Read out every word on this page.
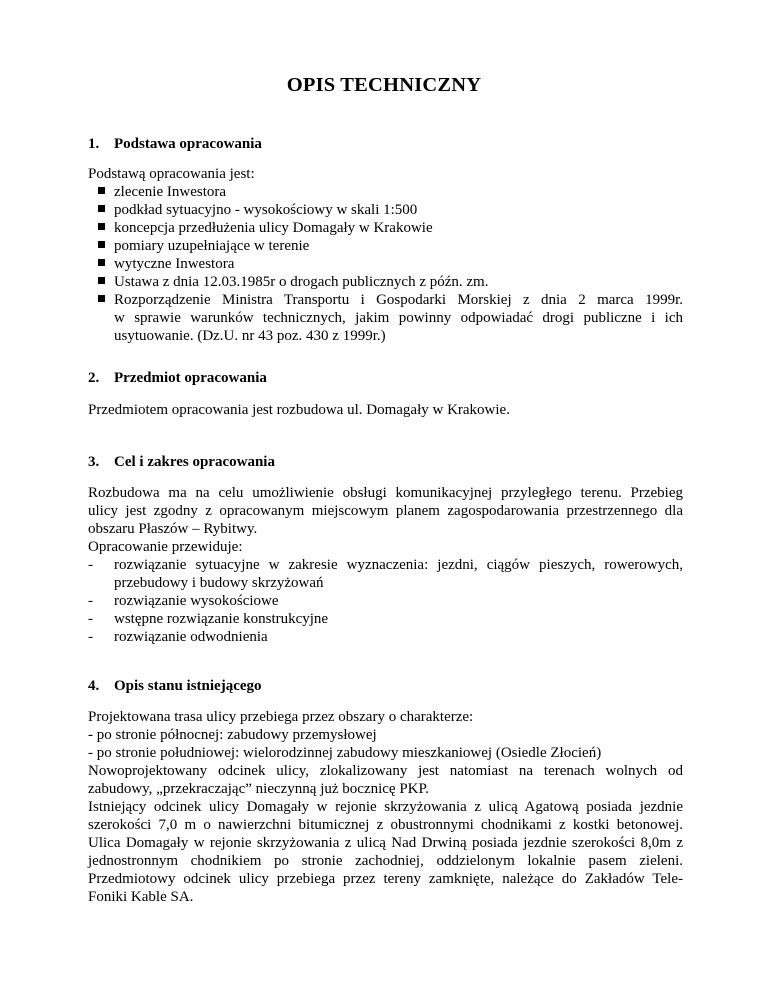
OPIS TECHNICZNY
1. Podstawa opracowania
Podstawą opracowania jest:
zlecenie Inwestora
podkład sytuacyjno - wysokościowy w skali 1:500
koncepcja przedłużenia ulicy Domagały w Krakowie
pomiary uzupełniające w terenie
wytyczne Inwestora
Ustawa z dnia 12.03.1985r o drogach publicznych z późn. zm.
Rozporządzenie Ministra Transportu i Gospodarki Morskiej z dnia 2 marca 1999r.
w sprawie warunków technicznych, jakim powinny odpowiadać drogi publiczne i ich
usytuowanie. (Dz.U. nr 43 poz. 430 z 1999r.)
2. Przedmiot opracowania
Przedmiotem opracowania jest rozbudowa ul. Domagały w Krakowie.
3. Cel i zakres opracowania
Rozbudowa ma na celu umożliwienie obsługi komunikacyjnej przyległego terenu. Przebieg
ulicy jest zgodny z opracowanym miejscowym planem zagospodarowania przestrzennego dla
obszaru Płaszów – Rybitwy.
Opracowanie przewiduje:
- rozwiązanie sytuacyjne w zakresie wyznaczenia: jezdni, ciągów pieszych, rowerowych,
przebudowy i budowy skrzyżowań
- rozwiązanie wysokościowe
- wstępne rozwiązanie konstrukcyjne
- rozwiązanie odwodnienia
4. Opis stanu istniejącego
Projektowana trasa ulicy przebiega przez obszary o charakterze:
- po stronie północnej: zabudowy przemysłowej
- po stronie południowej: wielorodzinnej zabudowy mieszkaniowej (Osiedle Złocień)
Nowoprojektowany odcinek ulicy, zlokalizowany jest natomiast na terenach wolnych od
zabudowy, „przekraczając” nieczynną już bocznicę PKP.
Istniejący odcinek ulicy Domagały w rejonie skrzyżowania z ulicą Agatową posiada jezdnie
szerokości 7,0 m o nawierzchni bitumicznej z obustronnymi chodnikami z kostki betonowej.
Ulica Domagały w rejonie skrzyżowania z ulicą Nad Drwiną posiada jezdnie szerokości 8,0m z
jednostronnym chodnikiem po stronie zachodniej, oddzielonym lokalnie pasem zieleni.
Przedmiotowy odcinek ulicy przebiega przez tereny zamknięte, należące do Zakładów Tele-
Foniki Kable SA.
